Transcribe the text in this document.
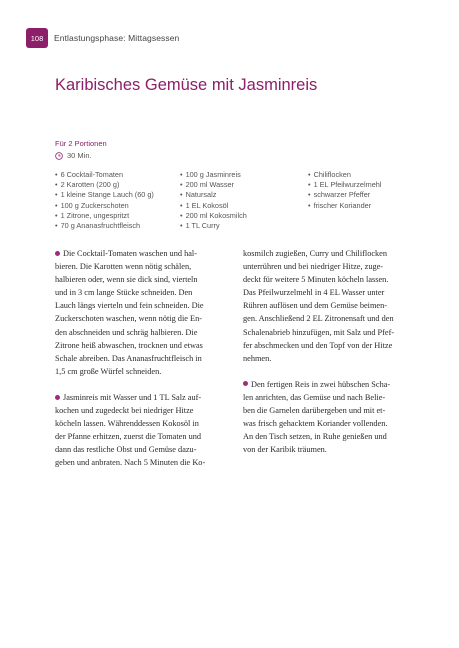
108	Entlastungsphase: Mittagsessen
Karibisches Gemüse mit Jasminreis
Für 2 Portionen
30 Min.
• 6 Cocktail-Tomaten
• 2 Karotten (200 g)
• 1 kleine Stange Lauch (60 g)
• 100 g Zuckerschoten
• 1 Zitrone, ungespritzt
• 70 g Ananasfruchtfleisch
• 100 g Jasminreis
• 200 ml Wasser
• Natursalz
• 1 EL Kokosöl
• 200 ml Kokosmilch
• 1 TL Curry
• Chiliflocken
• 1 EL Pfeilwurzelmehl
• schwarzer Pfeffer
• frischer Koriander
Die Cocktail-Tomaten waschen und hal-
bieren. Die Karotten wenn nötig schälen,
halbieren oder, wenn sie dick sind, vierteln
und in 3 cm lange Stücke schneiden. Den
Lauch längs vierteln und fein schneiden. Die
Zuckerschoten waschen, wenn nötig die En-
den abschneiden und schräg halbieren. Die
Zitrone heiß abwaschen, trocknen und etwas
Schale abreiben. Das Ananasfruchtfleisch in
1,5 cm große Würfel schneiden.
Jasminreis mit Wasser und 1 TL Salz auf-
kochen und zugedeckt bei niedriger Hitze
köcheln lassen. Währenddessen Kokosöl in
der Pfanne erhitzen, zuerst die Tomaten und
dann das restliche Obst und Gemüse dazu-
geben und anbraten. Nach 5 Minuten die Ko-
kosmilch zugießen, Curry und Chiliflocken
unterrühren und bei niedriger Hitze, zuge-
deckt für weitere 5 Minuten köcheln lassen.
Das Pfeilwurzelmehl in 4 EL Wasser unter
Rühren auflösen und dem Gemüse beimen-
gen. Anschließend 2 EL Zitronensaft und den
Schalenabrieb hinzufügen, mit Salz und Pfef-
fer abschmecken und den Topf von der Hitze
nehmen.
Den fertigen Reis in zwei hübschen Scha-
len anrichten, das Gemüse und nach Belie-
ben die Garnelen darübergeben und mit et-
was frisch gehacktem Koriander vollenden.
An den Tisch setzen, in Ruhe genießen und
von der Karibik träumen.
